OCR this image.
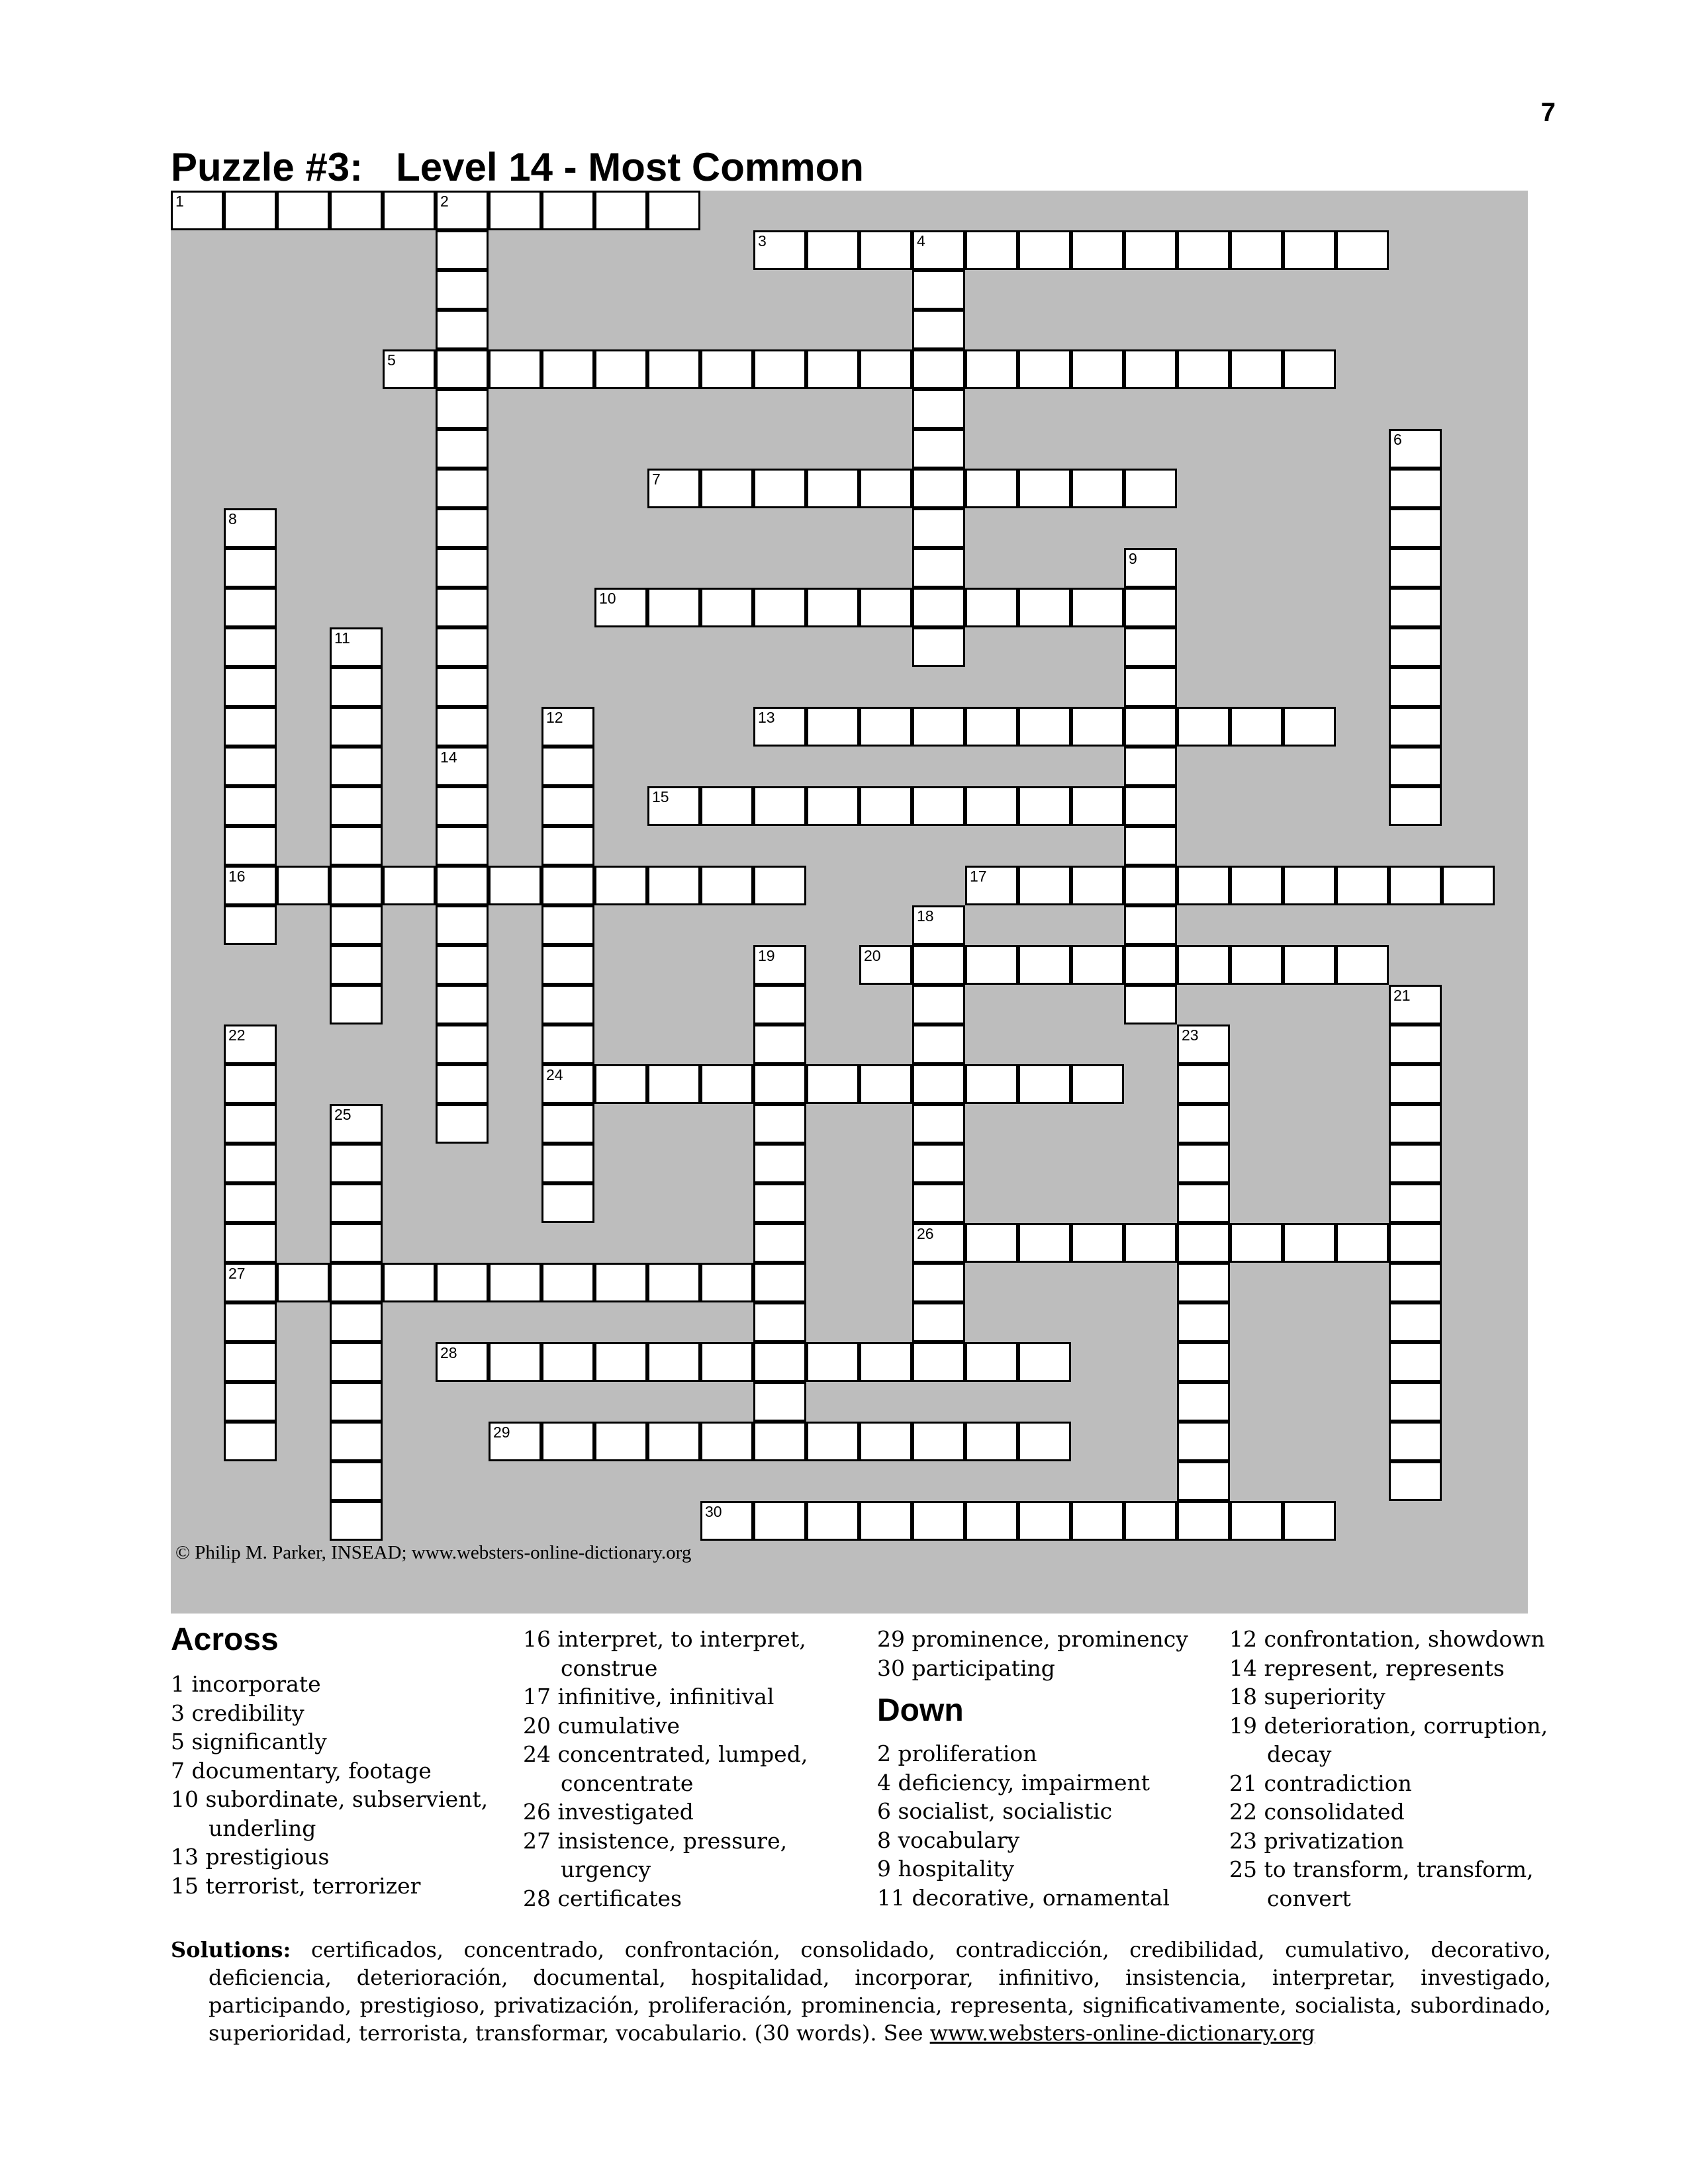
7
Puzzle #3:   Level 14 - Most Common
1	2
14
3	4
5
6
7
8
16
9
10
11
12
24
13
15
17
18
26
19	20
21
22
27
23
25
28
29
30
© Philip M. Parker, INSEAD; www.websters-online-dictionary.org
Across
Down
1 incorporate
3 credibility
5 significantly
7 documentary, footage
10 subordinate, subservient, underling
13 prestigious
15 terrorist, terrorizer
16 interpret, to interpret, construe
17 infinitive, infinitival
20 cumulative
24 concentrated, lumped, concentrate
26 investigated
27 insistence, pressure, urgency
28 certificates
29 prominence, prominency
30 participating
2 proliferation
4 deficiency, impairment
6 socialist, socialistic
8 vocabulary
9 hospitality
11 decorative, ornamental
12 confrontation, showdown
14 represent, represents
18 superiority
19 deterioration, corruption, decay
21 contradiction
22 consolidated
23 privatization
25 to transform, transform, convert
Solutions: certificados, concentrado, confrontación, consolidado, contradicción, credibilidad, cumulativo, decorativo, deficiencia, deterioración, documental, hospitalidad, incorporar, infinitivo, insistencia, interpretar, investigado, participando, prestigioso, privatización, proliferación, prominencia, representa, significativamente, socialista, subordinado, superioridad, terrorista, transformar, vocabulario. (30 words). See www.websters-online-dictionary.org
